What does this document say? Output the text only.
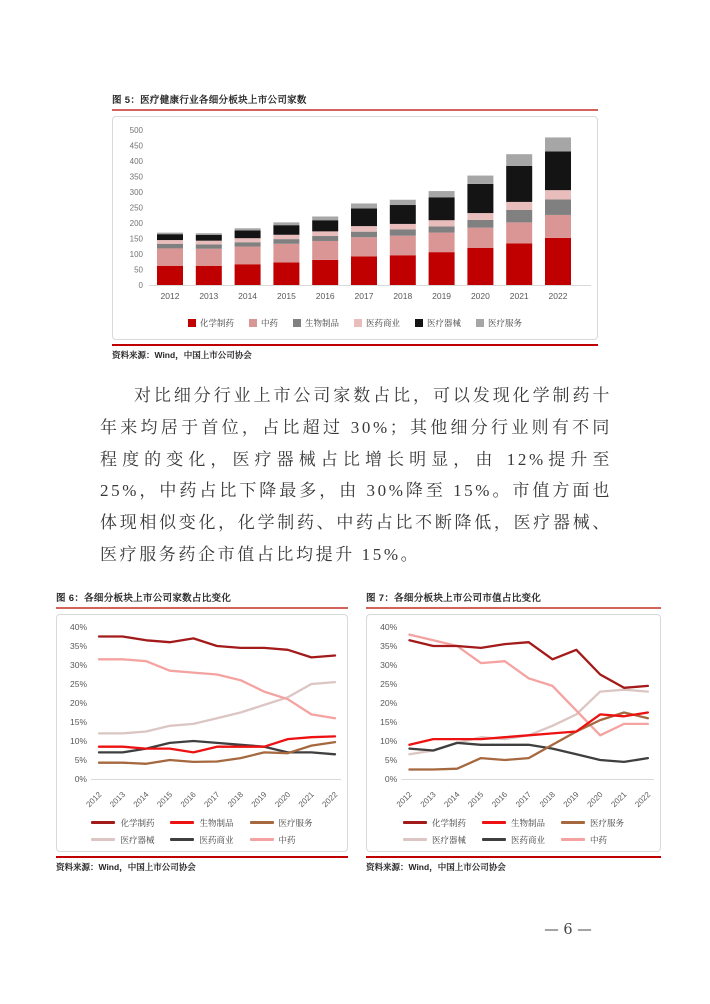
图 5：医疗健康行业各细分板块上市公司家数
0
50
100
150
200
250
300
350
400
450
500
2012 2013 2014 2015 2016 2017 2018 2019 2020 2021 2022
化学制药	中药	生物制品	医药商业	医疗器械	医疗服务
资料来源：Wind，中国上市公司协会

对比细分行业上市公司家数占比，可以发现化学制药十年来均居于首位，占比超过 30%；其他细分行业则有不同程度的变化，医疗器械占比增长明显，由 12%提升至 25%，中药占比下降最多，由 30%降至 15%。市值方面也体现相似变化，化学制药、中药占比不断降低，医疗器械、医疗服务药企市值占比均提升 15%。

图 6：各细分板块上市公司家数占比变化
0%
5%
10%
15%
20%
25%
30%
35%
40%
2012 2013 2014 2015 2016 2017 2018 2019 2020 2021 2022
化学制药	生物制品	医疗服务
医疗器械	医药商业	中药
资料来源：Wind，中国上市公司协会
图 7：各细分板块上市公司市值占比变化
0%
5%
10%
15%
20%
25%
30%
35%
40%
2012 2013 2014 2015 2016 2017 2018 2019 2020 2021 2022
化学制药	生物制品	医疗服务
医疗器械	医药商业	中药
资料来源：Wind，中国上市公司协会
— 6 —
